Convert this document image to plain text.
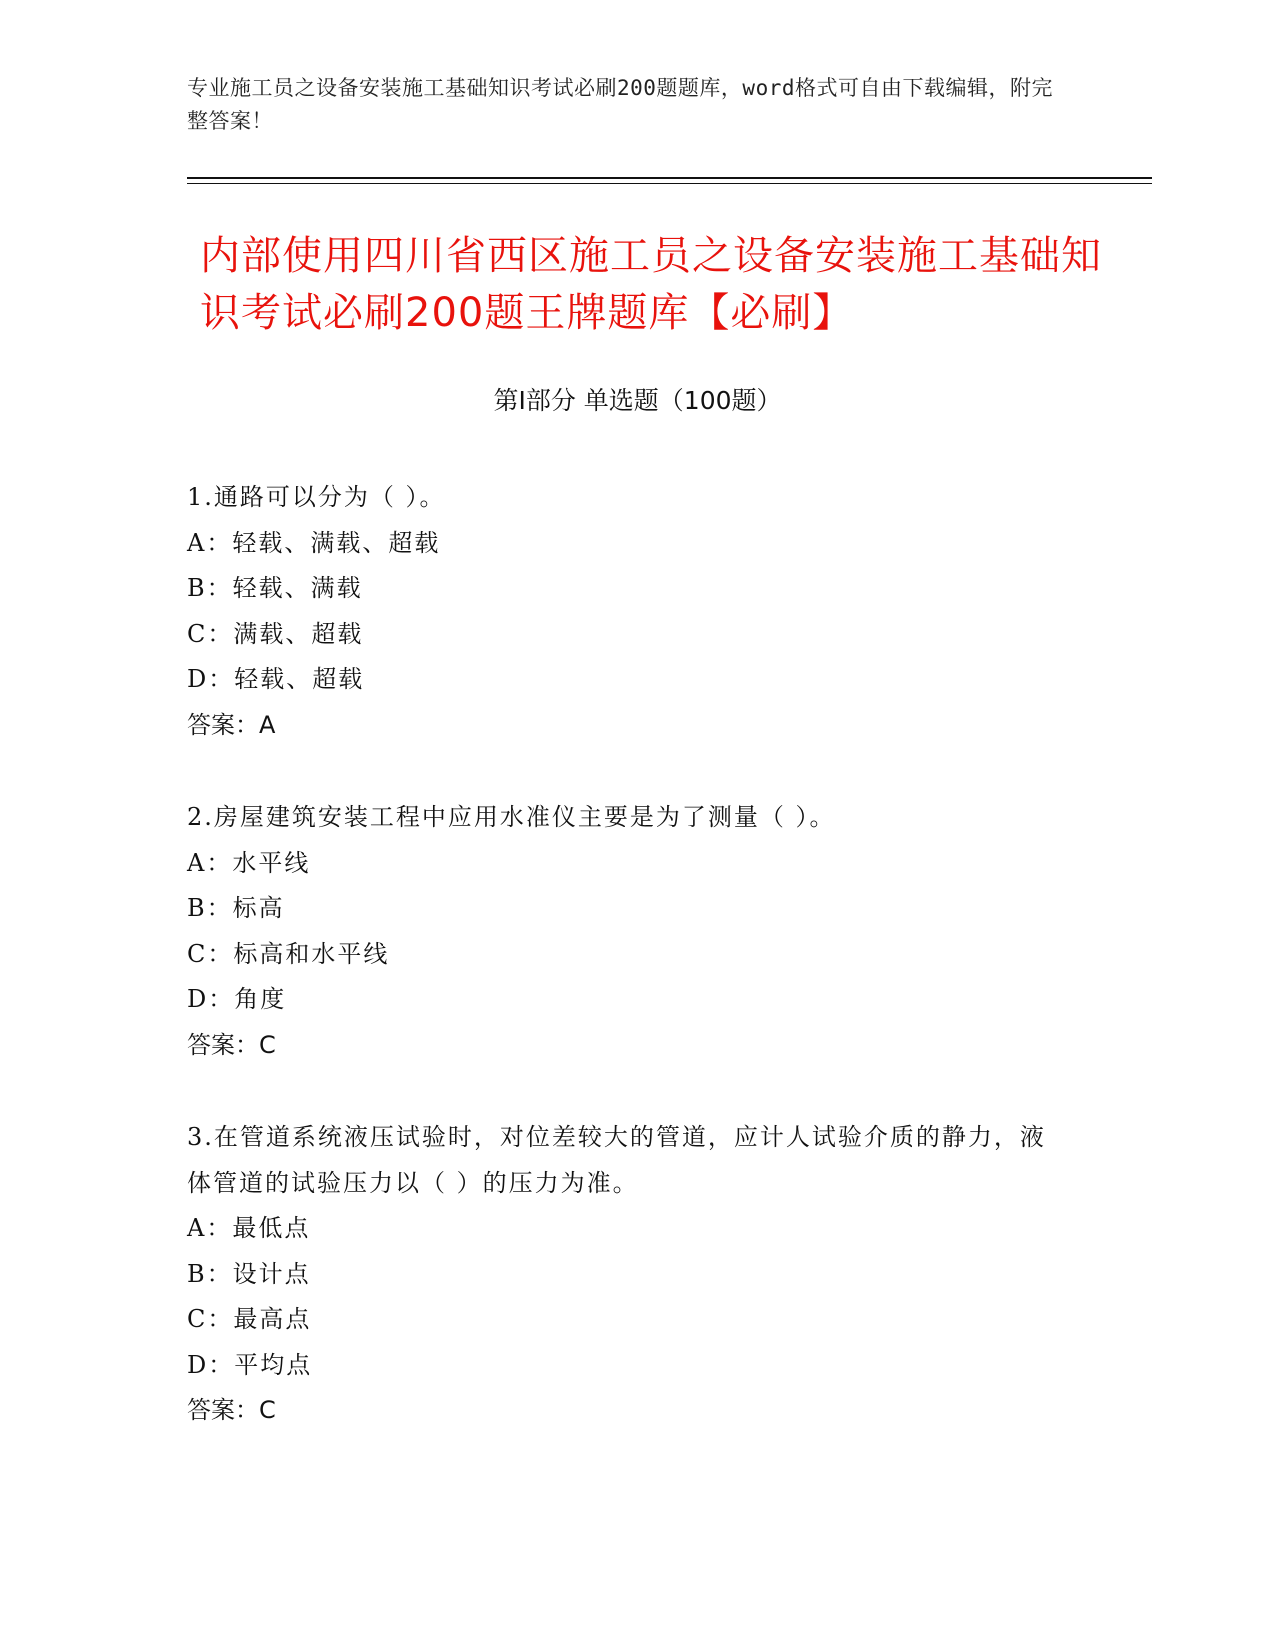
专业施工员之设备安装施工基础知识考试必刷200题题库，word格式可自由下载编辑，附完整答案！
内部使用四川省西区施工员之设备安装施工基础知识考试必刷200题王牌题库【必刷】
第Ⅰ部分 单选题（100题）

1.通路可以分为（ ）。

A：轻载、满载、超载

B：轻载、满载

C：满载、超载

D：轻载、超载

答案：A

2.房屋建筑安装工程中应用水准仪主要是为了测量（ ）。

A：水平线

B：标高

C：标高和水平线

D：角度

答案：C

3.在管道系统液压试验时，对位差较大的管道，应计人试验介质的静力，液体管道的试验压力以（ ）的压力为准。

A：最低点

B：设计点

C：最高点

D：平均点

答案：C
